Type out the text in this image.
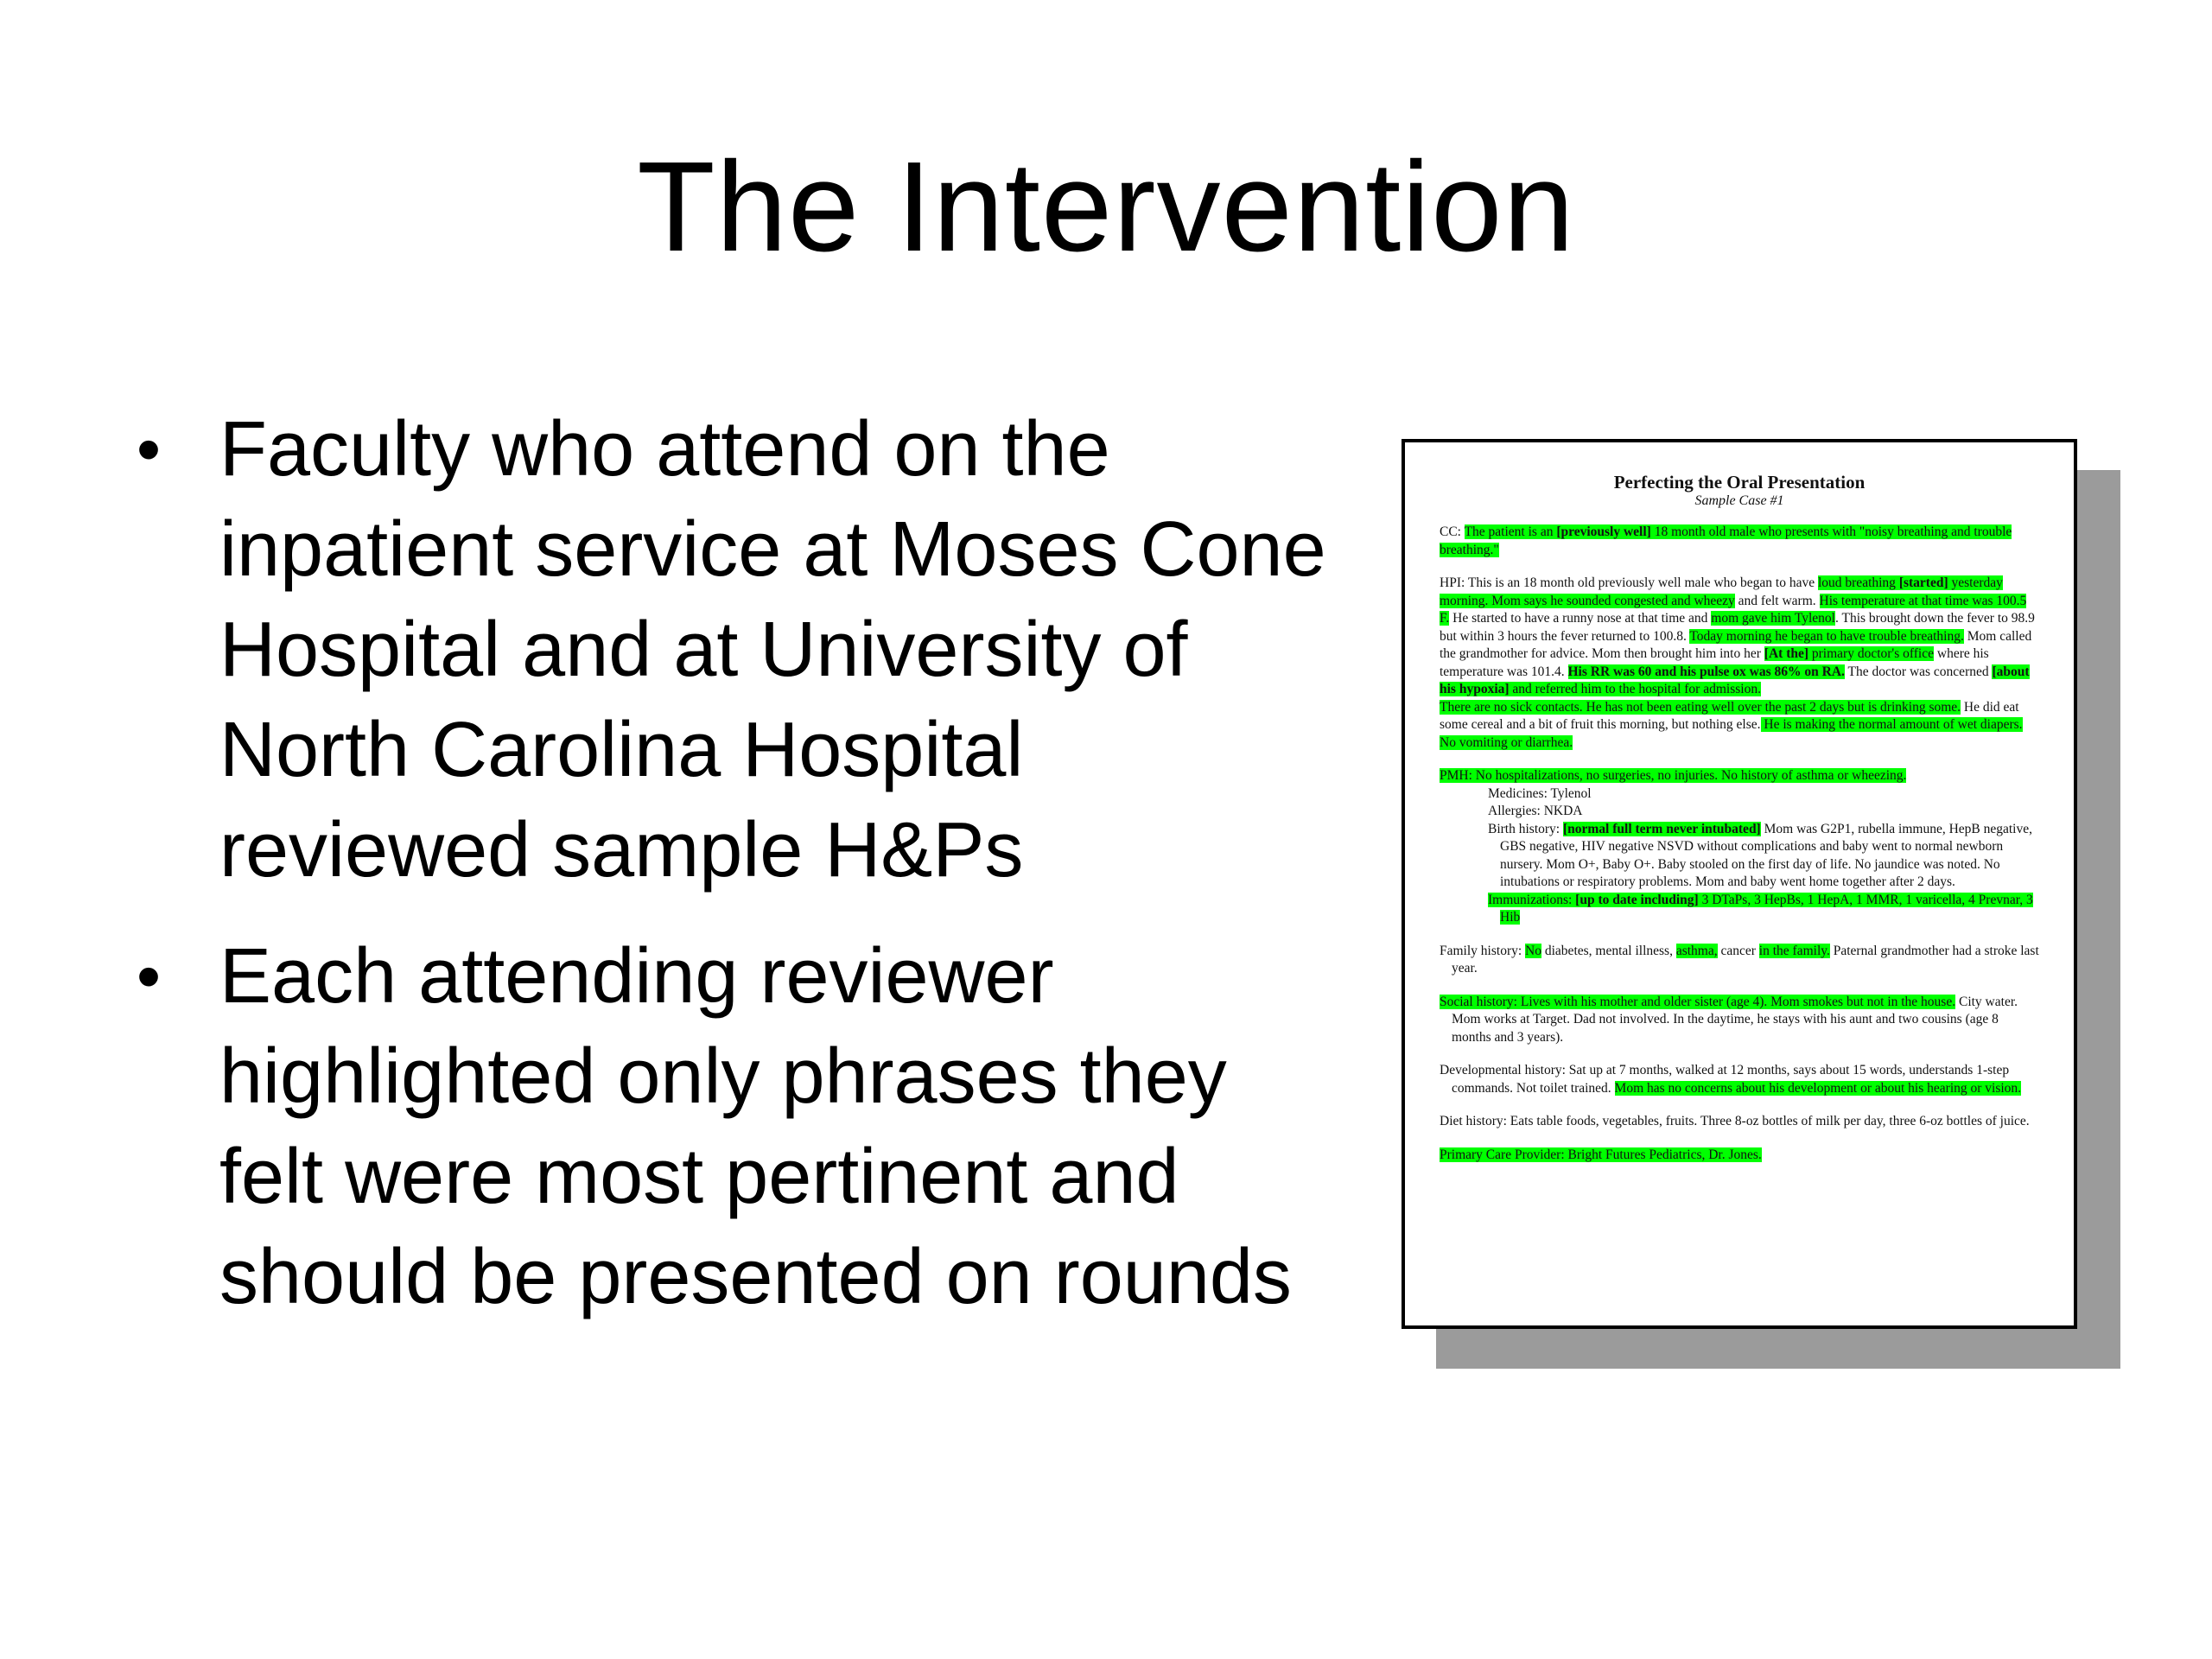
The Intervention
• Faculty who attend on the inpatient service at Moses Cone Hospital and at University of North Carolina Hospital reviewed sample H&Ps
• Each attending reviewer highlighted only phrases they felt were most pertinent and should be presented on rounds
Perfecting the Oral Presentation
Sample Case #1

CC: The patient is an [previously well] 18 month old male who presents with "noisy breathing and trouble breathing."

HPI: This is an 18 month old previously well male who began to have loud breathing [started] yesterday morning. Mom says he sounded congested and wheezy and felt warm. His temperature at that time was 100.5 F. He started to have a runny nose at that time and mom gave him Tylenol. This brought down the fever to 98.9 but within 3 hours the fever returned to 100.8. Today morning he began to have trouble breathing. Mom called the grandmother for advice. Mom then brought him into her [At the] primary doctor's office where his temperature was 101.4. His RR was 60 and his pulse ox was 86% on RA. The doctor was concerned [about his hypoxia] and referred him to the hospital for admission.

There are no sick contacts. He has not been eating well over the past 2 days but is drinking some. He did eat some cereal and a bit of fruit this morning, but nothing else. He is making the normal amount of wet diapers. No vomiting or diarrhea.

PMH: No hospitalizations, no surgeries, no injuries. No history of asthma or wheezing.

Medicines: Tylenol
Allergies: NKDA
Birth history: [normal full term never intubated] Mom was G2P1, rubella immune, HepB negative, GBS negative, HIV negative NSVD without complications and baby went to normal newborn nursery. Mom O+, Baby O+. Baby stooled on the first day of life. No jaundice was noted. No intubations or respiratory problems. Mom and baby went home together after 2 days.
Immunizations: [up to date including] 3 DTaPs, 3 HepBs, 1 HepA, 1 MMR, 1 varicella, 4 Prevnar, 3 Hib

Family history: No diabetes, mental illness, asthma, cancer in the family. Paternal grandmother had a stroke last year.

Social history: Lives with his mother and older sister (age 4). Mom smokes but not in the house. City water. Mom works at Target. Dad not involved. In the daytime, he stays with his aunt and two cousins (age 8 months and 3 years).

Developmental history: Sat up at 7 months, walked at 12 months, says about 15 words, understands 1-step commands. Not toilet trained. Mom has no concerns about his development or about his hearing or vision.

Diet history: Eats table foods, vegetables, fruits. Three 8-oz bottles of milk per day, three 6-oz bottles of juice.

Primary Care Provider: Bright Futures Pediatrics, Dr. Jones.
